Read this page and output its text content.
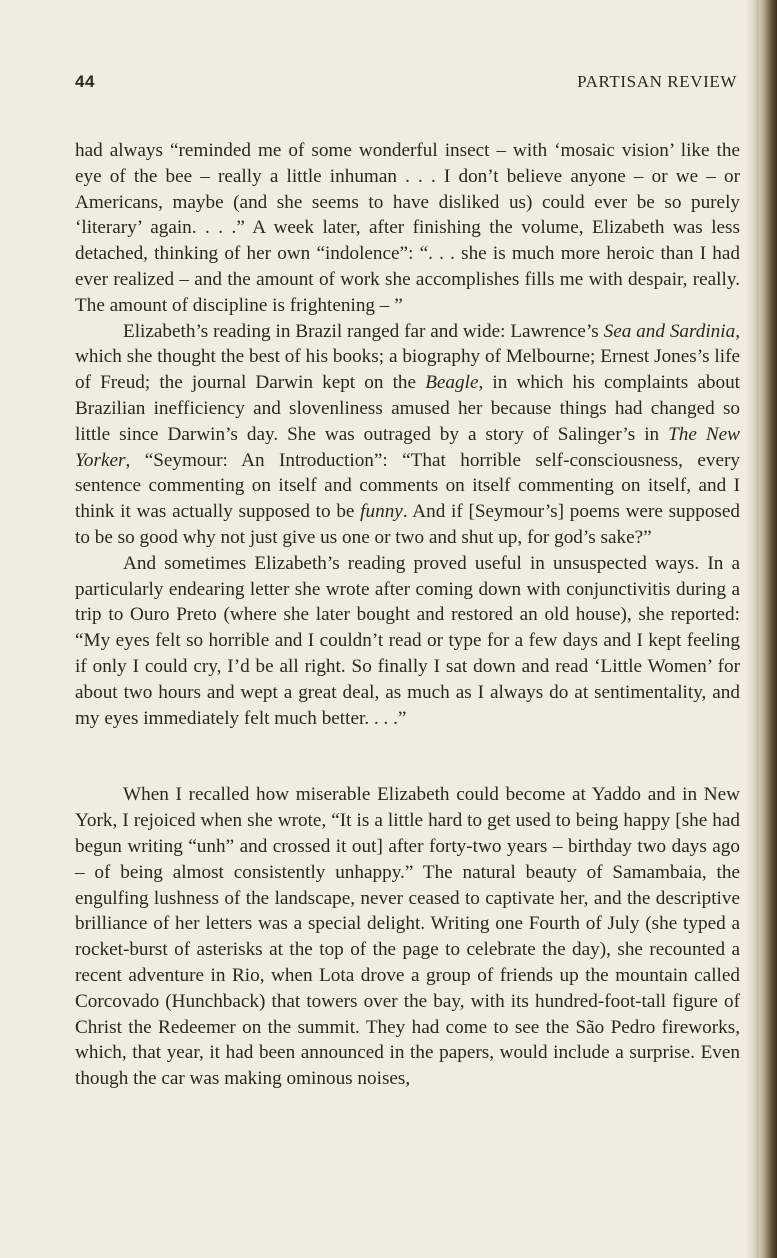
44	PARTISAN REVIEW

had always “reminded me of some wonderful insect – with ‘mosaic vision’ like the eye of the bee – really a little inhuman . . . I don’t believe anyone – or we – or Americans, maybe (and she seems to have disliked us) could ever be so purely ‘literary’ again. . . .” A week later, after finishing the volume, Elizabeth was less detached, thinking of her own “indolence”: “. . . she is much more heroic than I had ever realized – and the amount of work she accomplishes fills me with despair, really. The amount of discipline is frightening – ”

Elizabeth’s reading in Brazil ranged far and wide: Lawrence’s Sea and Sardinia, which she thought the best of his books; a biography of Melbourne; Ernest Jones’s life of Freud; the journal Darwin kept on the Beagle, in which his complaints about Brazilian inefficiency and slovenliness amused her because things had changed so little since Darwin’s day. She was outraged by a story of Salinger’s in The New Yorker, “Seymour: An Introduction”: “That horrible self-consciousness, every sentence commenting on itself and comments on itself commenting on itself, and I think it was actually supposed to be funny. And if [Seymour’s] poems were supposed to be so good why not just give us one or two and shut up, for god’s sake?”

And sometimes Elizabeth’s reading proved useful in unsuspected ways. In a particularly endearing letter she wrote after coming down with conjunctivitis during a trip to Ouro Preto (where she later bought and restored an old house), she reported: “My eyes felt so horrible and I couldn’t read or type for a few days and I kept feeling if only I could cry, I’d be all right. So finally I sat down and read ‘Little Women’ for about two hours and wept a great deal, as much as I always do at sentimentality, and my eyes immediately felt much better. . . .”

When I recalled how miserable Elizabeth could become at Yaddo and in New York, I rejoiced when she wrote, “It is a little hard to get used to being happy [she had begun writing “unh” and crossed it out] after forty-two years – birthday two days ago – of being almost consistently unhappy.” The natural beauty of Samambaia, the engulfing lushness of the landscape, never ceased to captivate her, and the descriptive brilliance of her letters was a special delight. Writing one Fourth of July (she typed a rocket-burst of asterisks at the top of the page to celebrate the day), she recounted a recent adventure in Rio, when Lota drove a group of friends up the mountain called Corcovado (Hunchback) that towers over the bay, with its hundred-foot-tall figure of Christ the Redeemer on the summit. They had come to see the São Pedro fireworks, which, that year, it had been announced in the papers, would include a surprise. Even though the car was making ominous noises,
